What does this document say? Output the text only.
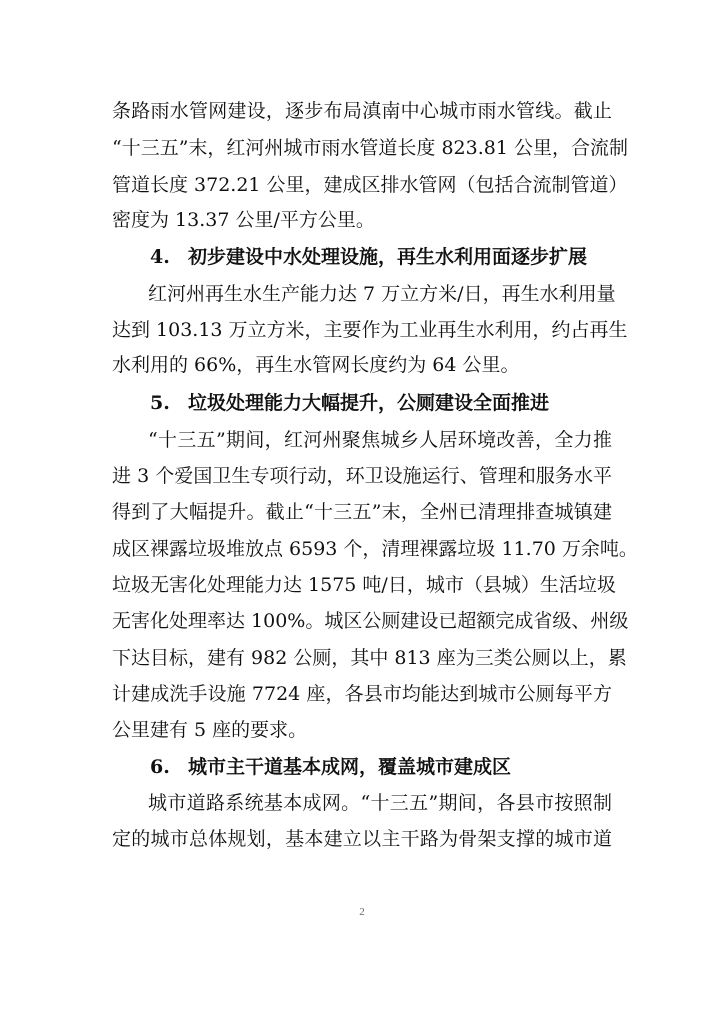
条路雨水管网建设，逐步布局滇南中心城市雨水管线。截止
“十三五”末，红河州城市雨水管道长度 823.81 公里，合流制
管道长度 372.21 公里，建成区排水管网（包括合流制管道）
密度为 13.37 公里/平方公里。
4. 初步建设中水处理设施，再生水利用面逐步扩展
红河州再生水生产能力达 7 万立方米/日，再生水利用量
达到 103.13 万立方米，主要作为工业再生水利用，约占再生
水利用的 66%，再生水管网长度约为 64 公里。
5. 垃圾处理能力大幅提升，公厕建设全面推进
“十三五”期间，红河州聚焦城乡人居环境改善，全力推
进 3 个爱国卫生专项行动，环卫设施运行、管理和服务水平
得到了大幅提升。截止“十三五”末，全州已清理排查城镇建
成区裸露垃圾堆放点 6593 个，清理裸露垃圾 11.70 万余吨。
垃圾无害化处理能力达 1575 吨/日，城市（县城）生活垃圾
无害化处理率达 100%。城区公厕建设已超额完成省级、州级
下达目标，建有 982 公厕，其中 813 座为三类公厕以上，累
计建成洗手设施 7724 座，各县市均能达到城市公厕每平方
公里建有 5 座的要求。
6. 城市主干道基本成网，覆盖城市建成区
城市道路系统基本成网。“十三五”期间，各县市按照制
定的城市总体规划，基本建立以主干路为骨架支撑的城市道
2
